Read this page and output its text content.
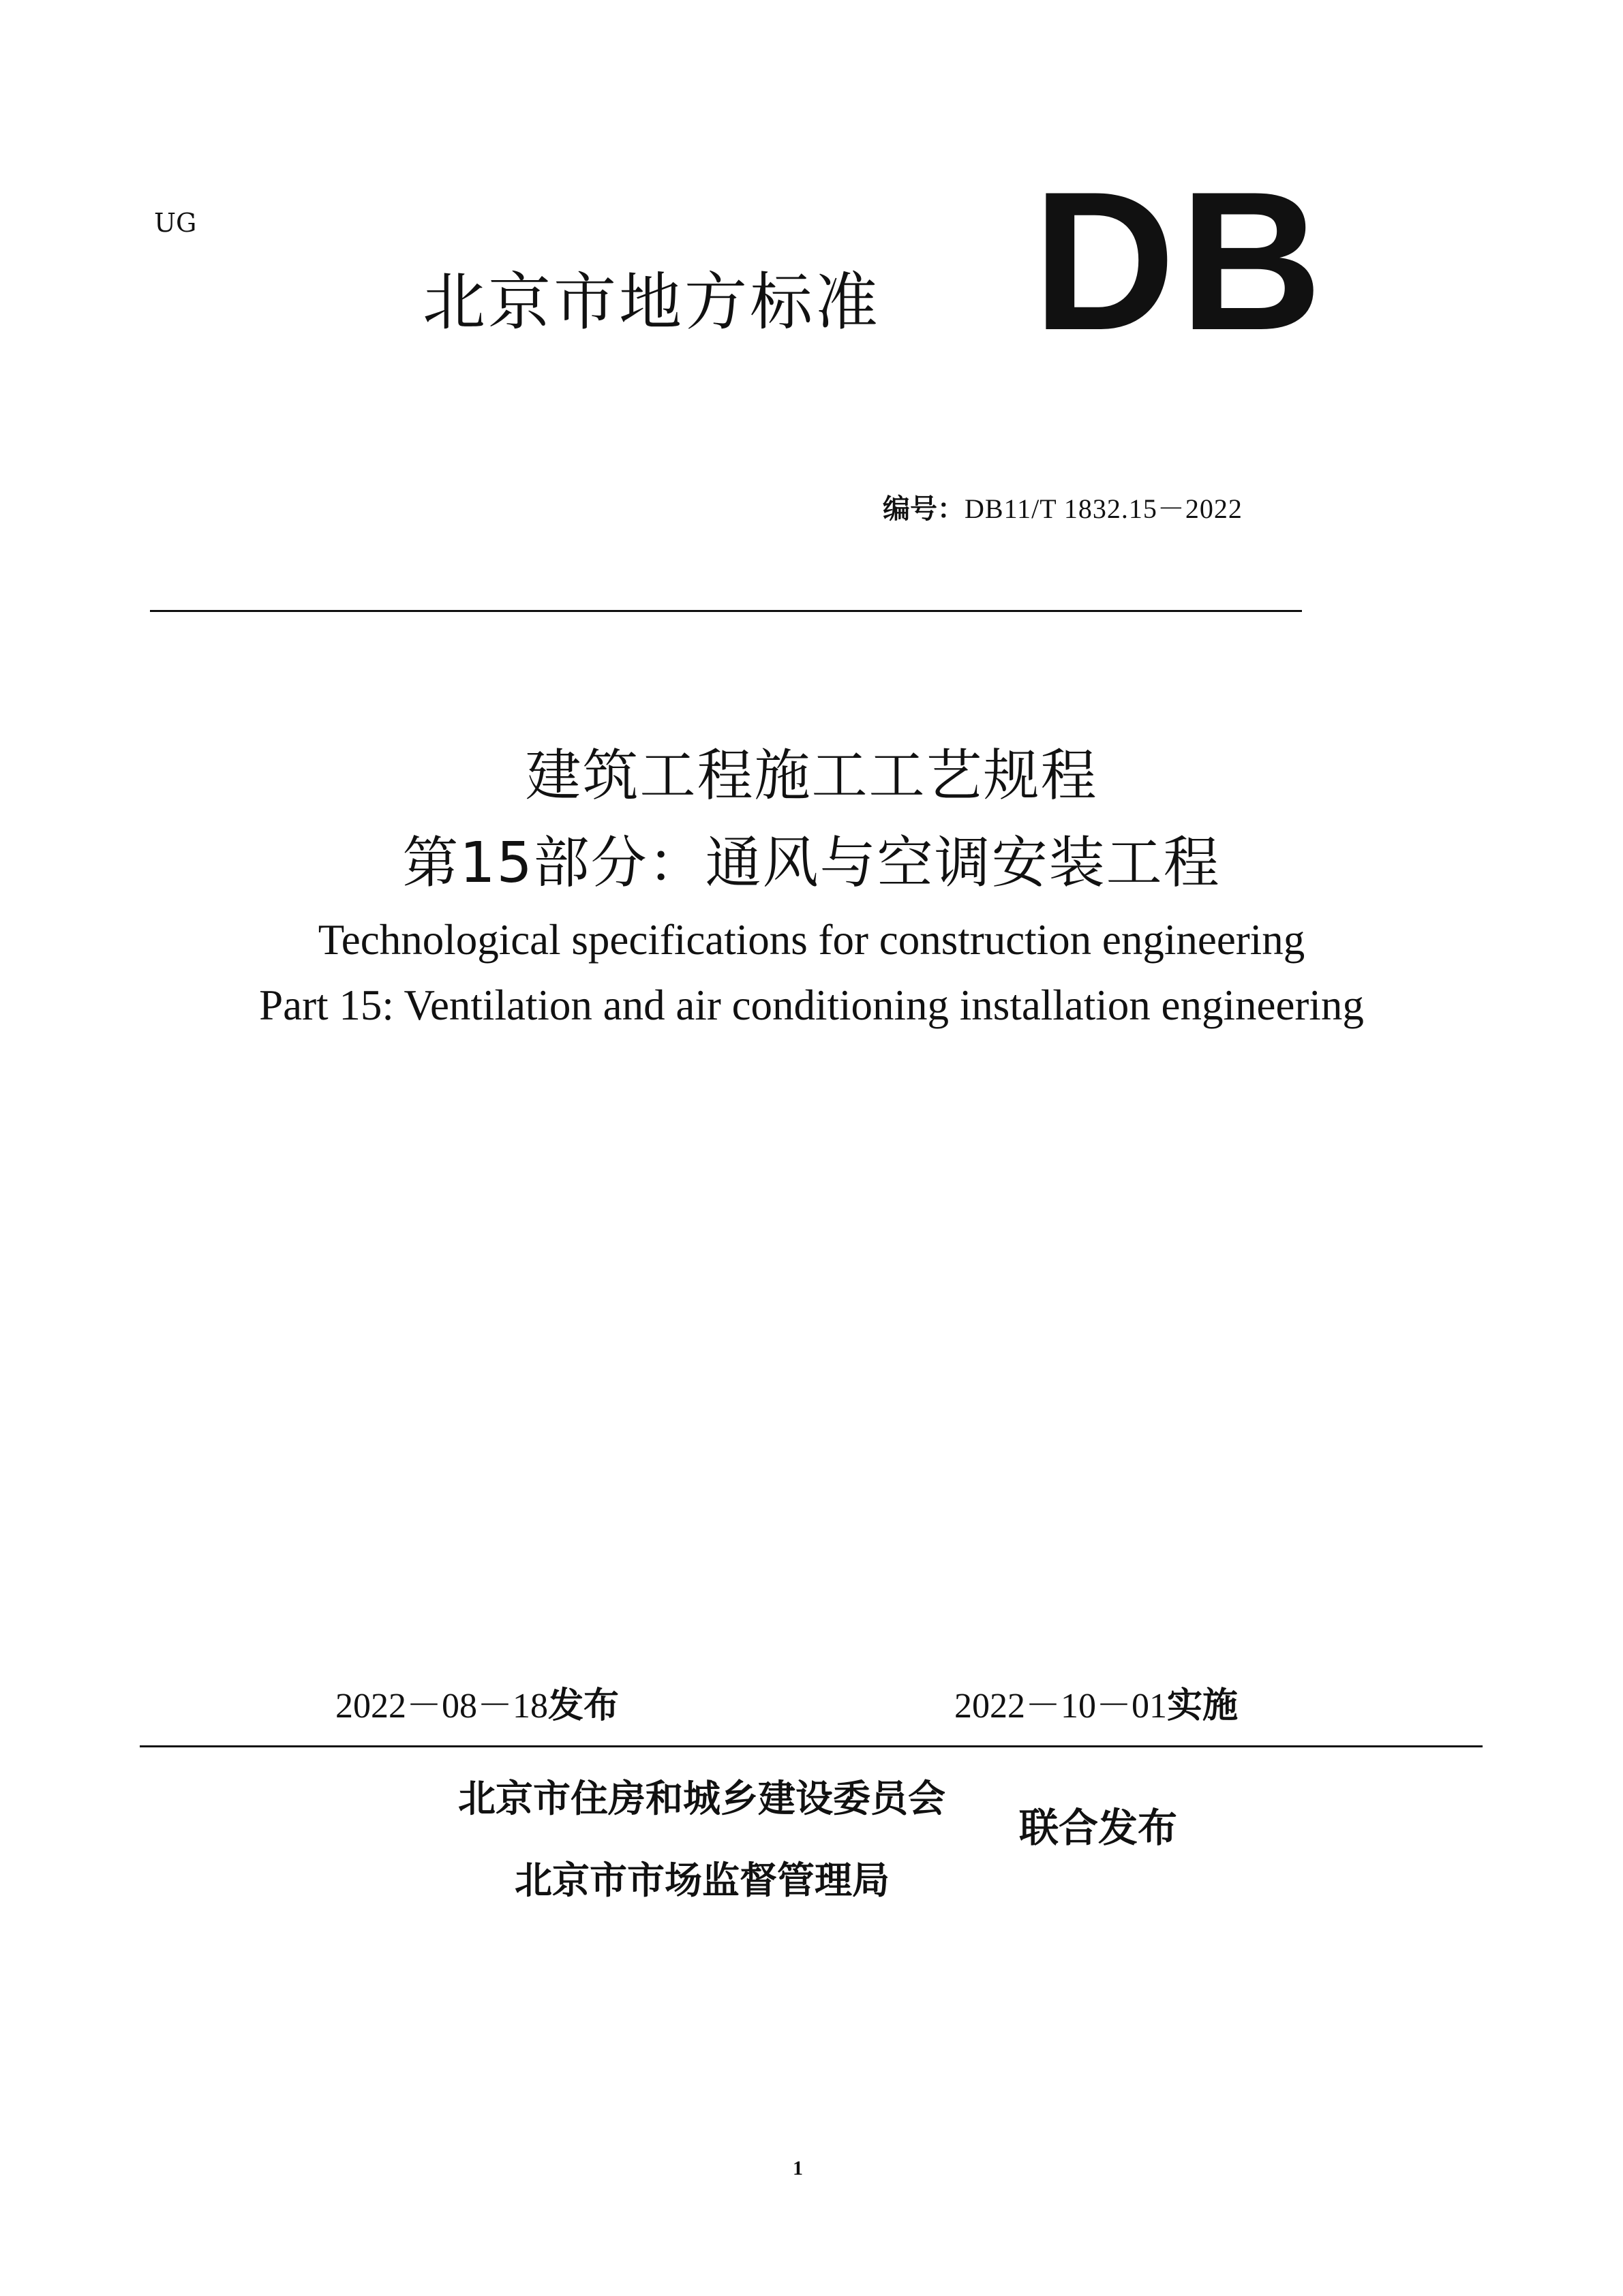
UG
北京市地方标准 DB
编号：DB11/T 1832.15－2022

建筑工程施工工艺规程

第15部分：通风与空调安装工程

Technological specifications for construction engineering

Part 15: Ventilation and air conditioning installation engineering

2022－08－18发布	2022－10－01实施
北京市住房和城乡建设委员会
北京市市场监督管理局
联合发布
1
